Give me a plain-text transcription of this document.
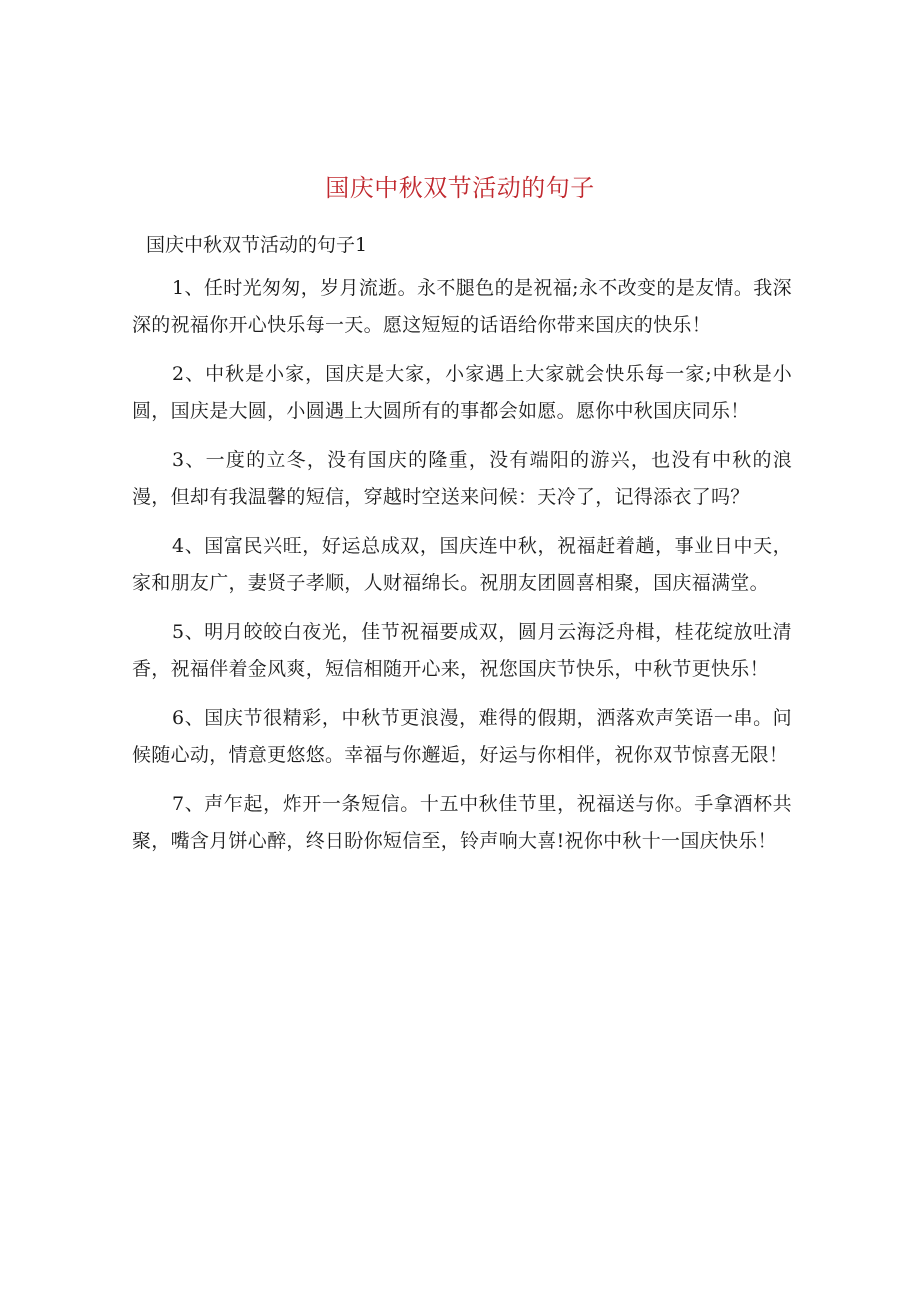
国庆中秋双节活动的句子

国庆中秋双节活动的句子1

1、任时光匆匆，岁月流逝。永不腿色的是祝福;永不改变的是友情。我深深的祝福你开心快乐每一天。愿这短短的话语给你带来国庆的快乐！

2、中秋是小家，国庆是大家，小家遇上大家就会快乐每一家;中秋是小圆，国庆是大圆，小圆遇上大圆所有的事都会如愿。愿你中秋国庆同乐！

3、一度的立冬，没有国庆的隆重，没有端阳的游兴，也没有中秋的浪漫，但却有我温馨的短信，穿越时空送来问候：天冷了，记得添衣了吗？

4、国富民兴旺，好运总成双，国庆连中秋，祝福赶着趟，事业日中天，家和朋友广，妻贤子孝顺，人财福绵长。祝朋友团圆喜相聚，国庆福满堂。

5、明月皎皎白夜光，佳节祝福要成双，圆月云海泛舟楫，桂花绽放吐清香，祝福伴着金风爽，短信相随开心来，祝您国庆节快乐，中秋节更快乐！

6、国庆节很精彩，中秋节更浪漫，难得的假期，洒落欢声笑语一串。问候随心动，情意更悠悠。幸福与你邂逅，好运与你相伴，祝你双节惊喜无限！

7、声乍起，炸开一条短信。十五中秋佳节里，祝福送与你。手拿酒杯共聚，嘴含月饼心醉，终日盼你短信至，铃声响大喜!祝你中秋十一国庆快乐！
